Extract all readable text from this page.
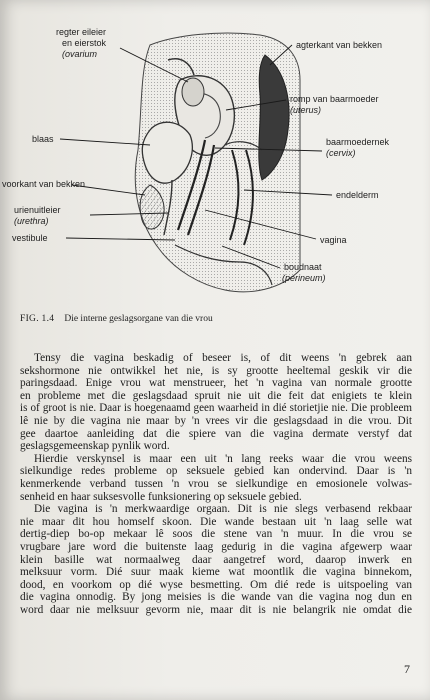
regter eileier
en eierstok
(ovarium
agterkant van bekken
romp van baarmoeder
(uterus)
blaas	baarmoedernek
(cervix)
voorkant van bekken
endelderm
urienuitleier
(urethra)
vestibule	vagina
boudnaat
(perineum)
FIG. 1.4 Die interne geslagsorgane van die vrou

Tensy die vagina beskadig of beseer is, of dit weens 'n gebrek aan
sekshormone nie ontwikkel het nie, is sy grootte heeltemal geskik vir die
paringsdaad. Enige vrou wat menstrueer, het 'n vagina van normale grootte
en probleme met die geslagsdaad spruit nie uit die feit dat enigiets te klein
is of groot is nie. Daar is hoegenaamd geen waarheid in dié storietjie nie. Die probleem
lê nie by die vagina nie maar by 'n vrees vir die geslagsdaad in die vrou. Dit
gee daartoe aanleiding dat die spiere van die vagina dermate verstyf dat
geslagsgemeenskap pynlik word.

Hierdie verskynsel is maar een uit 'n lang reeks waar die vrou weens
sielkundige redes probleme op seksuele gebied kan ondervind. Daar is 'n
kenmerkende verband tussen 'n vrou se sielkundige en emosionele volwas-
senheid en haar suksesvolle funksionering op seksuele gebied.

Die vagina is 'n merkwaardige orgaan. Dit is nie slegs verbasend rekbaar
nie maar dit hou homself skoon. Die wande bestaan uit 'n laag selle wat
dertig-diep bo-op mekaar lê soos die stene van 'n muur. In die vrou se
vrugbare jare word die buitenste laag gedurig in die vagina afgewerp waar
klein basille wat normaalweg daar aangetref word, daarop inwerk en
melksuur vorm. Dié suur maak kieme wat moontlik die vagina binnekom,
dood, en voorkom op dié wyse besmetting. Om dié rede is uitspoeling van
die vagina onnodig. By jong meisies is die wande van die vagina nog dun en
word daar nie melksuur gevorm nie, maar dit is nie belangrik nie omdat die

7
